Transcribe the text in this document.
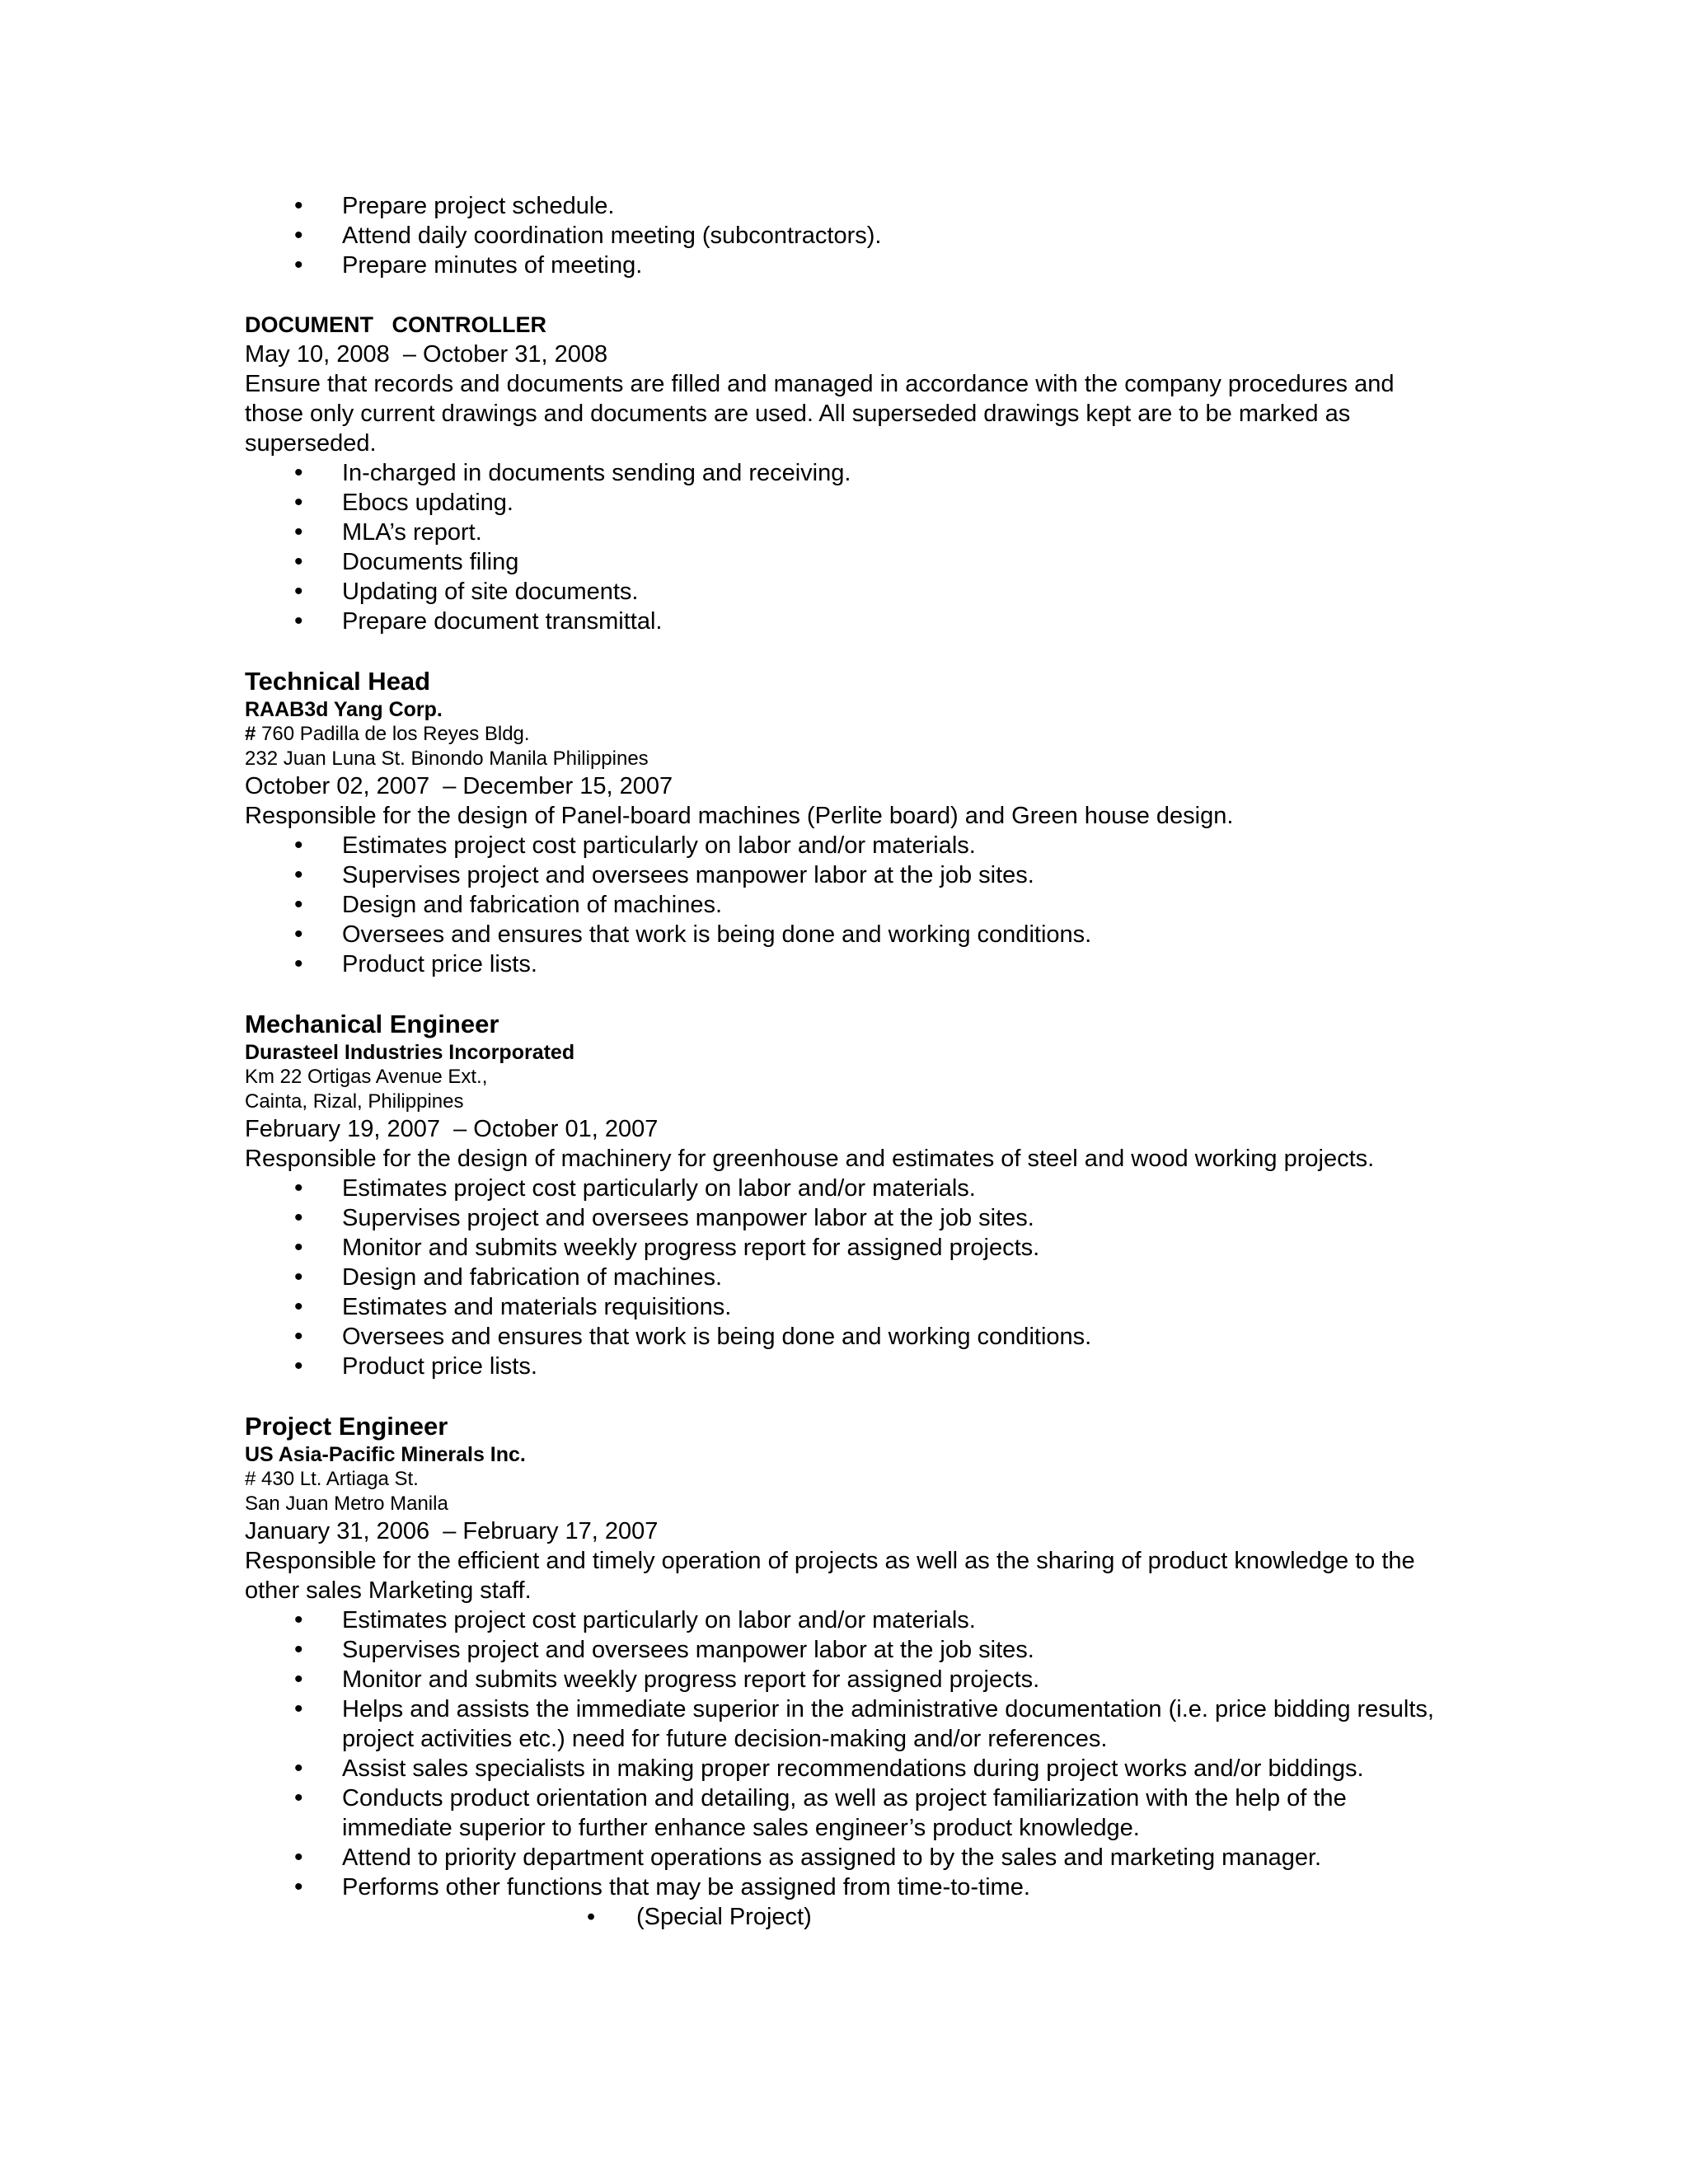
• Prepare project schedule.
• Attend daily coordination meeting (subcontractors).
• Prepare minutes of meeting.

DOCUMENT   CONTROLLER

May 10, 2008  – October 31, 2008

Ensure that records and documents are filled and managed in accordance with the company procedures and those only current drawings and documents are used. All superseded drawings kept are to be marked as superseded.

• In-charged in documents sending and receiving.
• Ebocs updating.
• MLA’s report.
• Documents filing
• Updating of site documents.
• Prepare document transmittal.

Technical Head

RAAB3d Yang Corp.

# 760 Padilla de los Reyes Bldg.

232 Juan Luna St. Binondo Manila Philippines

October 02, 2007  – December 15, 2007

Responsible for the design of Panel-board machines (Perlite board) and Green house design.

• Estimates project cost particularly on labor and/or materials.
• Supervises project and oversees manpower labor at the job sites.
• Design and fabrication of machines.
• Oversees and ensures that work is being done and working conditions.
• Product price lists.

Mechanical Engineer

Durasteel Industries Incorporated

Km 22 Ortigas Avenue Ext.,

Cainta, Rizal, Philippines

February 19, 2007  – October 01, 2007

Responsible for the design of machinery for greenhouse and estimates of steel and wood working projects.

• Estimates project cost particularly on labor and/or materials.
• Supervises project and oversees manpower labor at the job sites.
• Monitor and submits weekly progress report for assigned projects.
• Design and fabrication of machines.
• Estimates and materials requisitions.
• Oversees and ensures that work is being done and working conditions.
• Product price lists.

Project Engineer

US Asia-Pacific Minerals Inc.

# 430 Lt. Artiaga St.

San Juan Metro Manila

January 31, 2006  – February 17, 2007

Responsible for the efficient and timely operation of projects as well as the sharing of product knowledge to the other sales Marketing staff.

• Estimates project cost particularly on labor and/or materials.
• Supervises project and oversees manpower labor at the job sites.
• Monitor and submits weekly progress report for assigned projects.
• Helps and assists the immediate superior in the administrative documentation (i.e. price bidding results, project activities etc.) need for future decision-making and/or references.
• Assist sales specialists in making proper recommendations during project works and/or biddings.
• Conducts product orientation and detailing, as well as project familiarization with the help of the immediate superior to further enhance sales engineer’s product knowledge.
• Attend to priority department operations as assigned to by the sales and marketing manager.
• Performs other functions that may be assigned from time-to-time.
• (Special Project)
